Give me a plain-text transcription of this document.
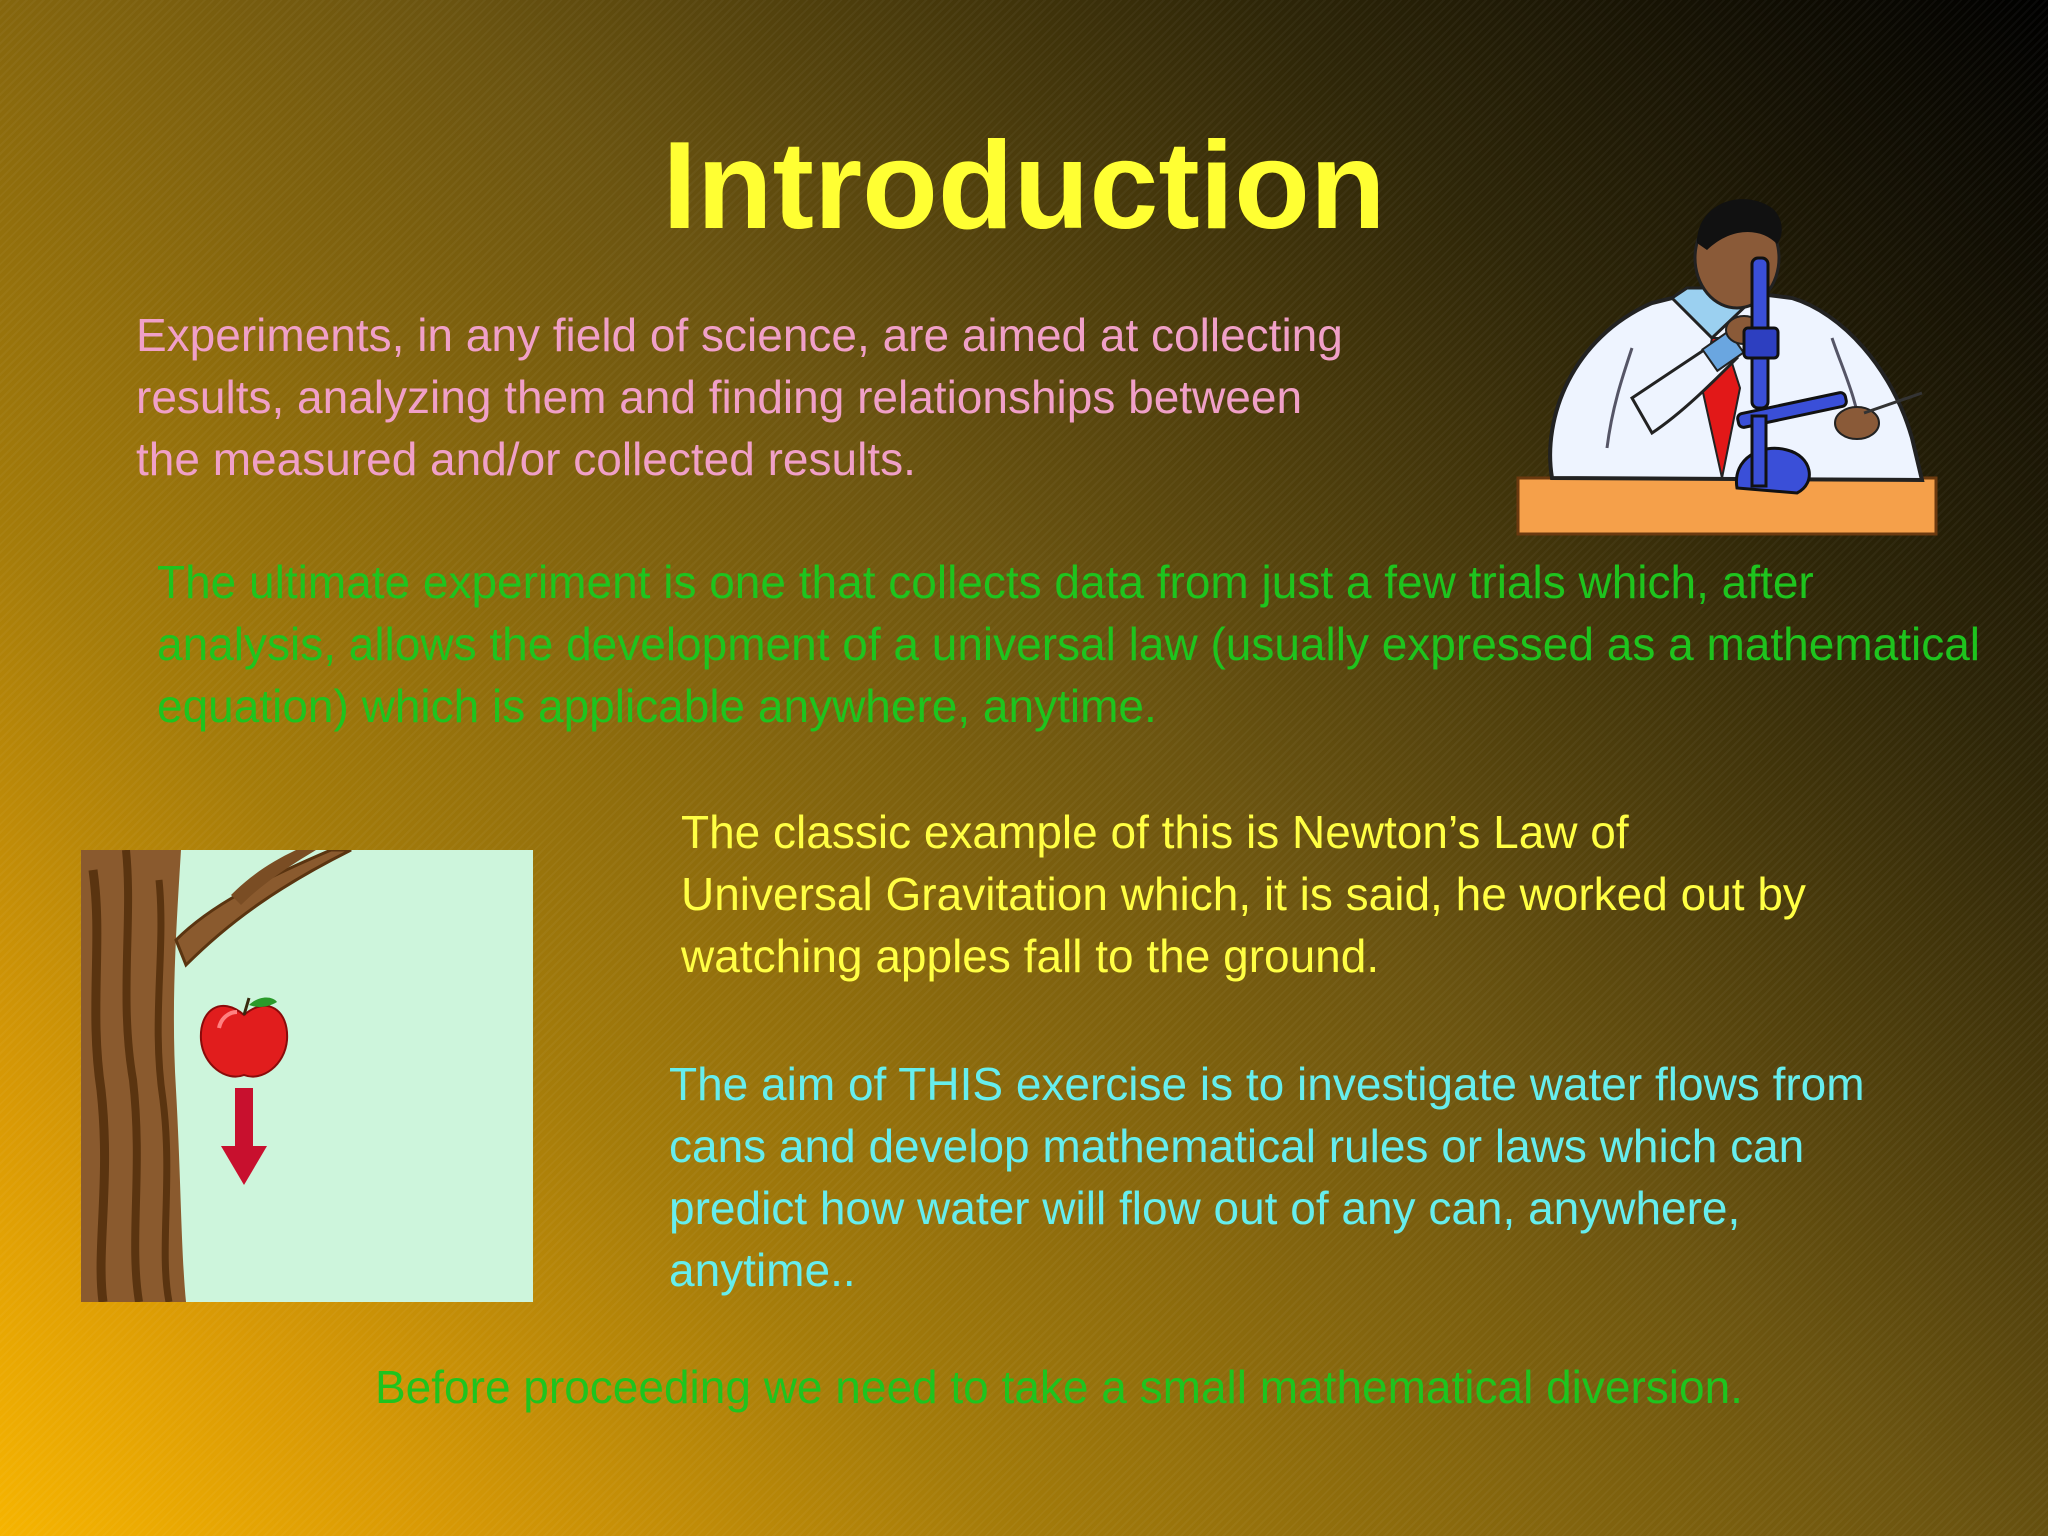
Introduction

Experiments, in any field of science, are aimed at collecting results, analyzing them and finding relationships between the measured and/or collected results.

The ultimate experiment is one that collects data from just a few trials which, after analysis, allows the development of a universal law (usually expressed as a mathematical equation) which is applicable anywhere, anytime.

The classic example of this is Newton’s Law of Universal Gravitation which, it is said, he worked out by watching apples fall to the ground.

The aim of THIS exercise is to investigate water flows from cans and develop mathematical rules or laws which can predict how water will flow out of any can, anywhere, anytime..

Before proceeding we need to take a small mathematical diversion.
